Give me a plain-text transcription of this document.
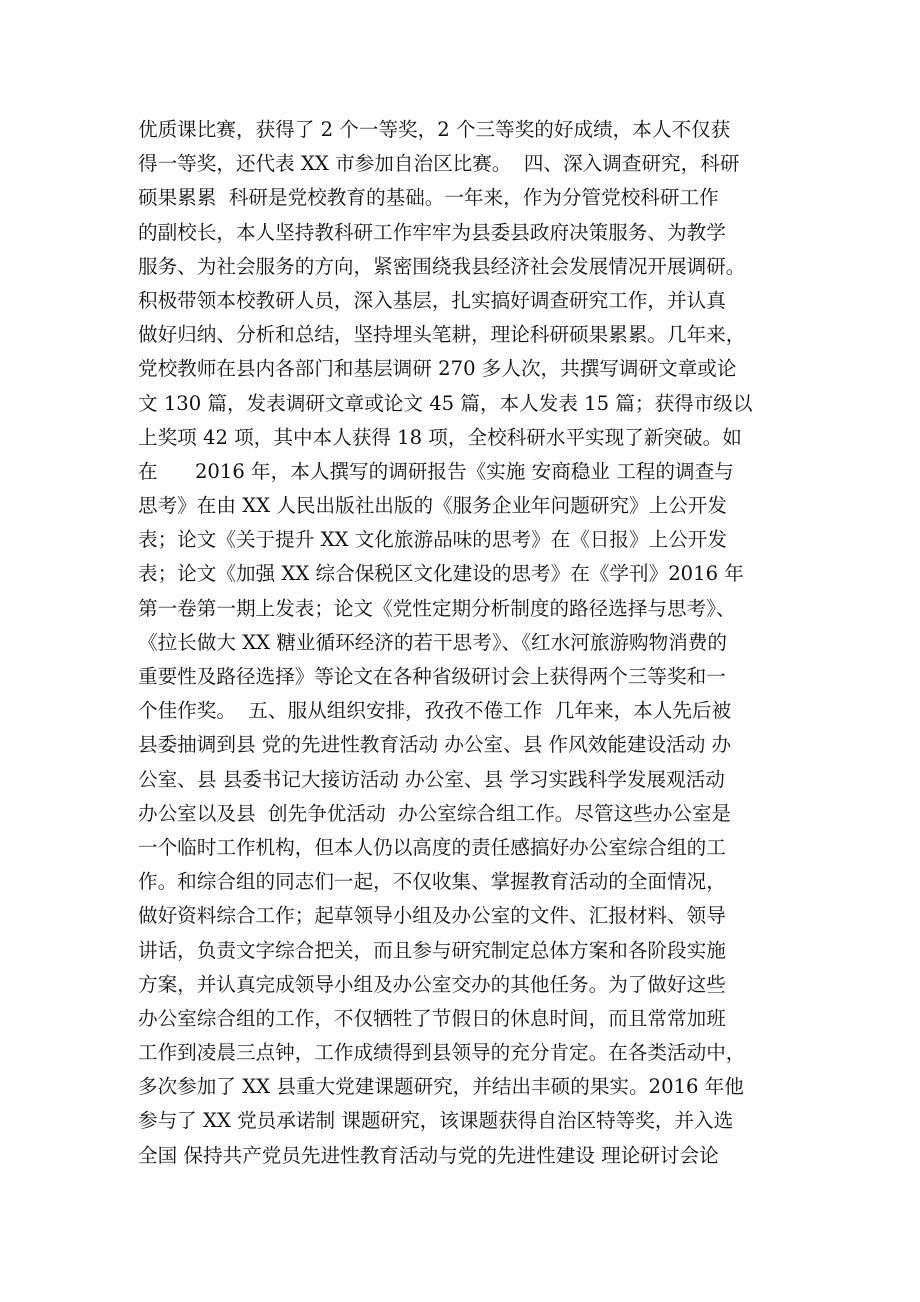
优质课比赛，获得了 2 个一等奖，2 个三等奖的好成绩，本人不仅获
得一等奖，还代表 XX 市参加自治区比赛。  四、深入调查研究，科研
硕果累累  科研是党校教育的基础。一年来，作为分管党校科研工作
的副校长，本人坚持教科研工作牢牢为县委县政府决策服务、为教学
服务、为社会服务的方向，紧密围绕我县经济社会发展情况开展调研。
积极带领本校教研人员，深入基层，扎实搞好调查研究工作，并认真
做好归纳、分析和总结，坚持埋头笔耕，理论科研硕果累累。几年来，
党校教师在县内各部门和基层调研 270 多人次，共撰写调研文章或论
文 130 篇，发表调研文章或论文 45 篇，本人发表 15 篇；获得市级以
上奖项 42 项，其中本人获得 18 项，全校科研水平实现了新突破。如
在      2016 年，本人撰写的调研报告《实施 安商稳业 工程的调查与
思考》在由 XX 人民出版社出版的《服务企业年问题研究》上公开发
表；论文《关于提升 XX 文化旅游品味的思考》在《日报》上公开发
表；论文《加强 XX 综合保税区文化建设的思考》在《学刊》2016 年
第一卷第一期上发表；论文《党性定期分析制度的路径选择与思考》、
《拉长做大 XX 糖业循环经济的若干思考》、《红水河旅游购物消费的
重要性及路径选择》等论文在各种省级研讨会上获得两个三等奖和一
个佳作奖。  五、服从组织安排，孜孜不倦工作  几年来，本人先后被
县委抽调到县 党的先进性教育活动 办公室、县 作风效能建设活动 办
公室、县 县委书记大接访活动 办公室、县 学习实践科学发展观活动
办公室以及县  创先争优活动  办公室综合组工作。尽管这些办公室是
一个临时工作机构，但本人仍以高度的责任感搞好办公室综合组的工
作。和综合组的同志们一起，不仅收集、掌握教育活动的全面情况，
做好资料综合工作；起草领导小组及办公室的文件、汇报材料、领导
讲话，负责文字综合把关，而且参与研究制定总体方案和各阶段实施
方案，并认真完成领导小组及办公室交办的其他任务。为了做好这些
办公室综合组的工作，不仅牺牲了节假日的休息时间，而且常常加班
工作到凌晨三点钟，工作成绩得到县领导的充分肯定。在各类活动中，
多次参加了 XX 县重大党建课题研究，并结出丰硕的果实。2016 年他
参与了 XX 党员承诺制 课题研究，该课题获得自治区特等奖，并入选
全国 保持共产党员先进性教育活动与党的先进性建设 理论研讨会论
